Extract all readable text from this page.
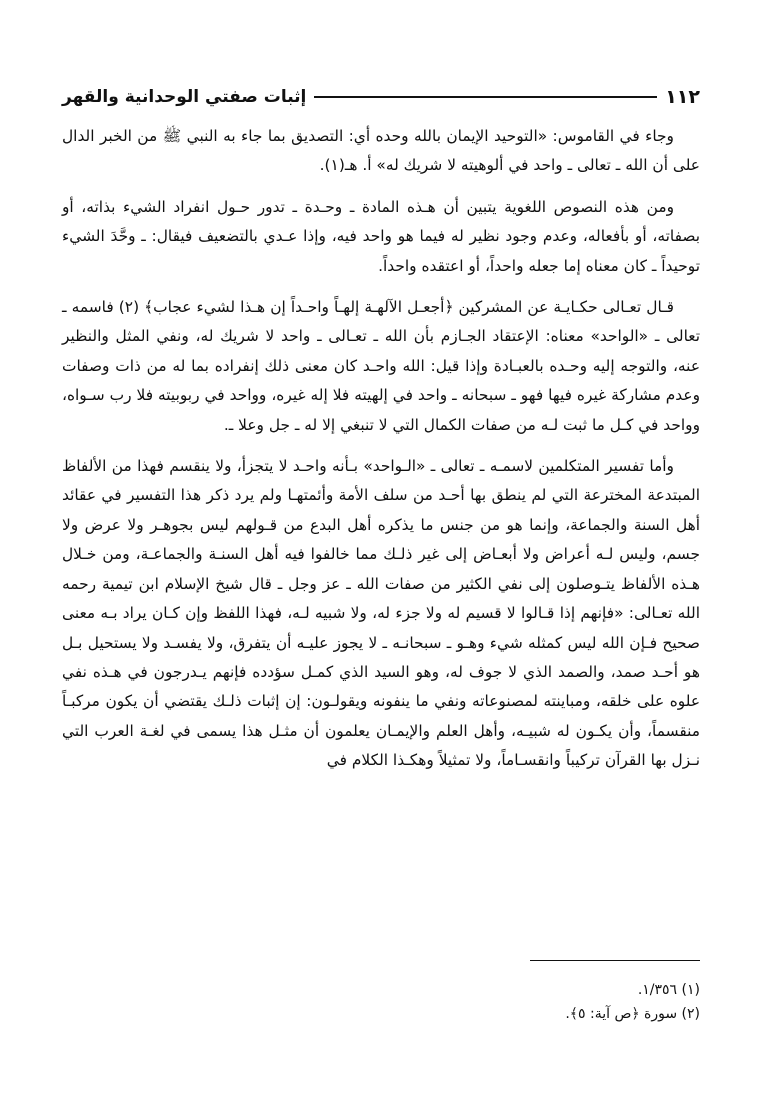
١١٢
إثبات صفتي الوحدانية والقهر

وجاء في القاموس: «التوحيد الإيمان بالله وحده أي: التصديق بما جاء به النبي ﷺ من الخبر الدال على أن الله ـ تعالى ـ واحد في ألوهيته لا شريك له» أ. هـ(١).

ومن هذه النصوص اللغوية يتبين أن هـذه المادة ـ وحـدة ـ تدور حـول انفراد الشيء بذاته، أو بصفاته، أو بأفعاله، وعدم وجود نظير له فيما هو واحد فيه، وإذا عـدي بالتضعيف فيقال: ـ وحَّدَ الشيء توحيداً ـ كان معناه إما جعله واحداً، أو اعتقده واحداً.

قـال تعـالى حكـايـة عن المشركين ﴿أجعـل الآلهـة إلهـاً واحـداً إن هـذا لشيء عجاب﴾ (٢) فاسمه ـ تعالى ـ «الواحد» معناه: الإعتقاد الجـازم بأن الله ـ تعـالى ـ واحد لا شريك له، ونفي المثل والنظير عنه، والتوجه إليه وحـده بالعبـادة وإذا قيل: الله واحـد كان معنى ذلك إنفراده بما له من ذات وصفات وعدم مشاركة غيره فيها فهو ـ سبحانه ـ واحد في إلهيته فلا إله غيره، وواحد في ربوبيته فلا رب سـواه، وواحد في كـل ما ثبت لـه من صفات الكمال التي لا تنبغي إلا له ـ جل وعلا ـ.

وأما تفسير المتكلمين لاسمـه ـ تعالى ـ «الـواحد» بـأنه واحـد لا يتجزأ، ولا ينقسم فهذا من الألفاظ المبتدعة المخترعة التي لم ينطق بها أحـد من سلف الأمة وأئمتهـا ولم يرد ذكر هذا التفسير في عقائد أهل السنة والجماعة، وإنما هو من جنس ما يذكره أهل البدع من قـولهم ليس بجوهـر ولا عرض ولا جسم، وليس لـه أعراض ولا أبعـاض إلى غير ذلـك مما خالفوا فيه أهل السنـة والجماعـة، ومن خـلال هـذه الألفاظ يتـوصلون إلى نفي الكثير من صفات الله ـ عز وجل ـ قال شيخ الإسلام ابن تيمية رحمه الله تعـالى: «فإنهم إذا قـالوا لا قسيم له ولا جزء له، ولا شبيه لـه، فهذا اللفظ وإن كـان يراد بـه معنى صحيح فـإن الله ليس كمثله شيء وهـو ـ سبحانـه ـ لا يجوز عليـه أن يتفرق، ولا يفسـد ولا يستحيل بـل هو أحـد صمد، والصمد الذي لا جوف له، وهو السيد الذي كمـل سؤدده فإنهم يـدرجون في هـذه نفي علوه على خلقه، ومباينته لمصنوعاته ونفي ما ينفونه ويقولـون: إن إثبات ذلـك يقتضي أن يكون مركبـاً منقسماً، وأن يكـون له شبيـه، وأهل العلم والإيمـان يعلمون أن مثـل هذا يسمى في لغـة العرب التي نـزل بها القرآن تركيباً وانقسـاماً، ولا تمثيلاً وهكـذا الكلام في

(١) ١/٣٥٦.

(٢) سورة ﴿ص آية: ٥﴾.
